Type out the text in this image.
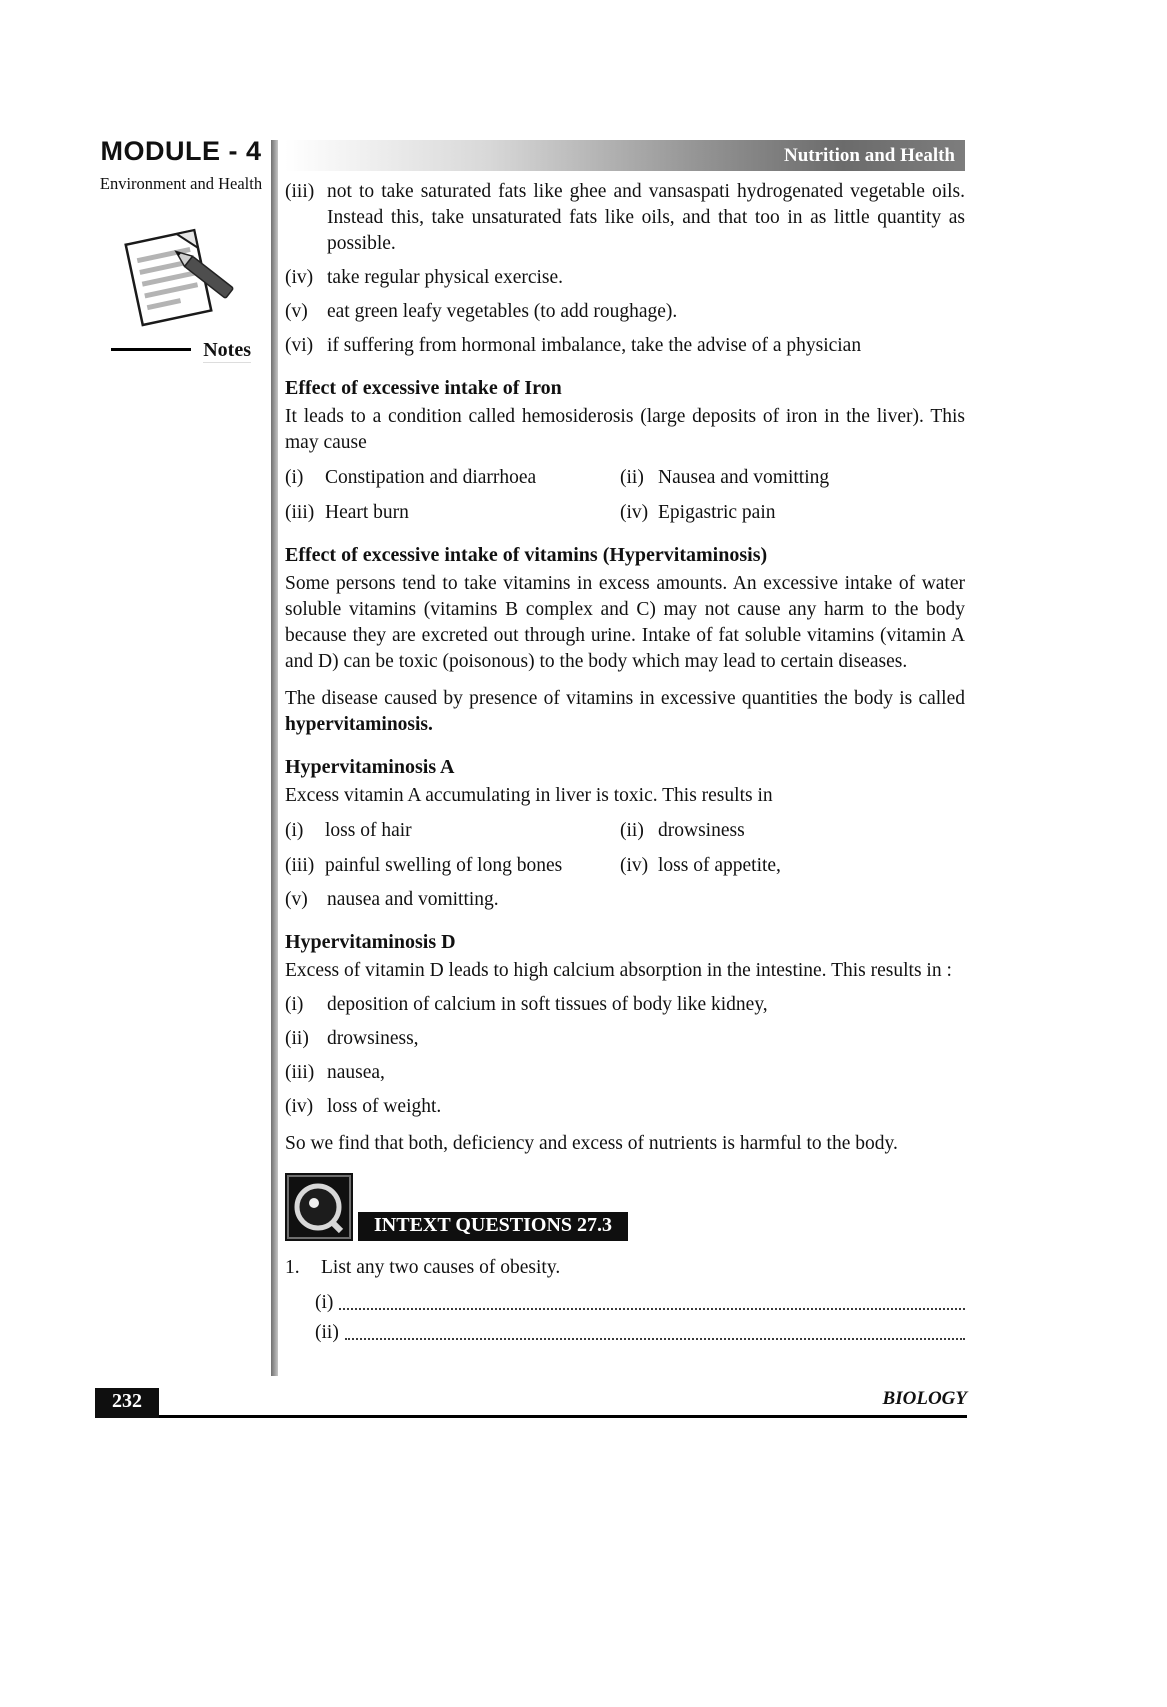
MODULE - 4
Environment and Health
Notes
Nutrition and Health
(iii) not to take saturated fats like ghee and vansaspati hydrogenated vegetable oils. Instead this, take unsaturated fats like oils, and that too in as little quantity as possible.
(iv) take regular physical exercise.
(v) eat green leafy vegetables (to add roughage).
(vi) if suffering from hormonal imbalance, take the advise of a physician
Effect of excessive intake of Iron

It leads to a condition called hemosiderosis (large deposits of iron in the liver). This may cause

(i)	Constipation and diarrhoea	(ii) Nausea and vomitting
(iii) Heart burn	(iv) Epigastric pain
Effect of excessive intake of vitamins (Hypervitaminosis)

Some persons tend to take vitamins in excess amounts. An excessive intake of water soluble vitamins (vitamins B complex and C) may not cause any harm to the body because they are excreted out through urine. Intake of fat soluble vitamins (vitamin A and D) can be toxic (poisonous) to the body which may lead to certain diseases.

The disease caused by presence of vitamins in excessive quantities the body is called hypervitaminosis.

Hypervitaminosis A

Excess vitamin A accumulating in liver is toxic. This results in

(i)	loss of hair	(ii) drowsiness
(iii) painful swelling of long bones	(iv) loss of appetite,
(v) nausea and vomitting.
Hypervitaminosis D

Excess of vitamin D leads to high calcium absorption in the intestine. This results in :

(i)	deposition of calcium in soft tissues of body like kidney,
(ii) drowsiness,
(iii) nausea,
(iv) loss of weight.

So we find that both, deficiency and excess of nutrients is harmful to the body.

INTEXT QUESTIONS 27.3
1.	List any two causes of obesity.
(i)
(ii)
232	BIOLOGY
